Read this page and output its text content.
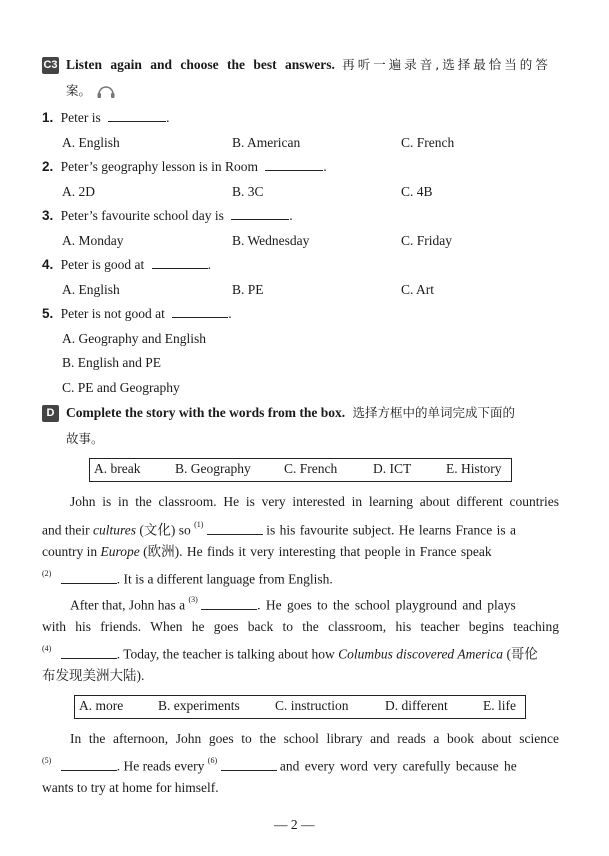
C3 Listen again and choose the best answers. 再听一遍录音,选择最恰当的答
案。
1. Peter is	.
A. English	B. American	C. French
2. Peter’s geography lesson is in Room	.
A. 2D	B. 3C	C. 4B
3. Peter’s favourite school day is	.
A. Monday	B. Wednesday	C. Friday
4. Peter is good at	.
A. English	B. PE	C. Art
5. Peter is not good at	.
A. Geography and English
B. English and PE
C. PE and Geography
D Complete the story with the words from the box. 选择方框中的单词完成下面的
故事。
A. break	B. Geography C. French	D. ICT	E. History
John is in the classroom. He is very interested in learning about different countries
and their cultures (文化) so $^{(1)}$	is his favourite subject. He learns France is a
country in Europe (欧洲). He finds it very interesting that people in France speak
$^{(2)}$	. It is a different language from English.
After that, John has a $^{(3)}$	. He goes to the school playground and plays
with his friends. When he goes back to the classroom, his teacher begins teaching
$^{(4)}$	. Today, the teacher is talking about how Columbus discovered America (哥伦
布发现美洲大陆).
A. more	B. experiments	C. instruction	D. different	E. life
In the afternoon, John goes to the school library and reads a book about science
$^{(5)}$	. He reads every $^{(6)}$	and every word very carefully because he
wants to try at home for himself.
— 2 —
